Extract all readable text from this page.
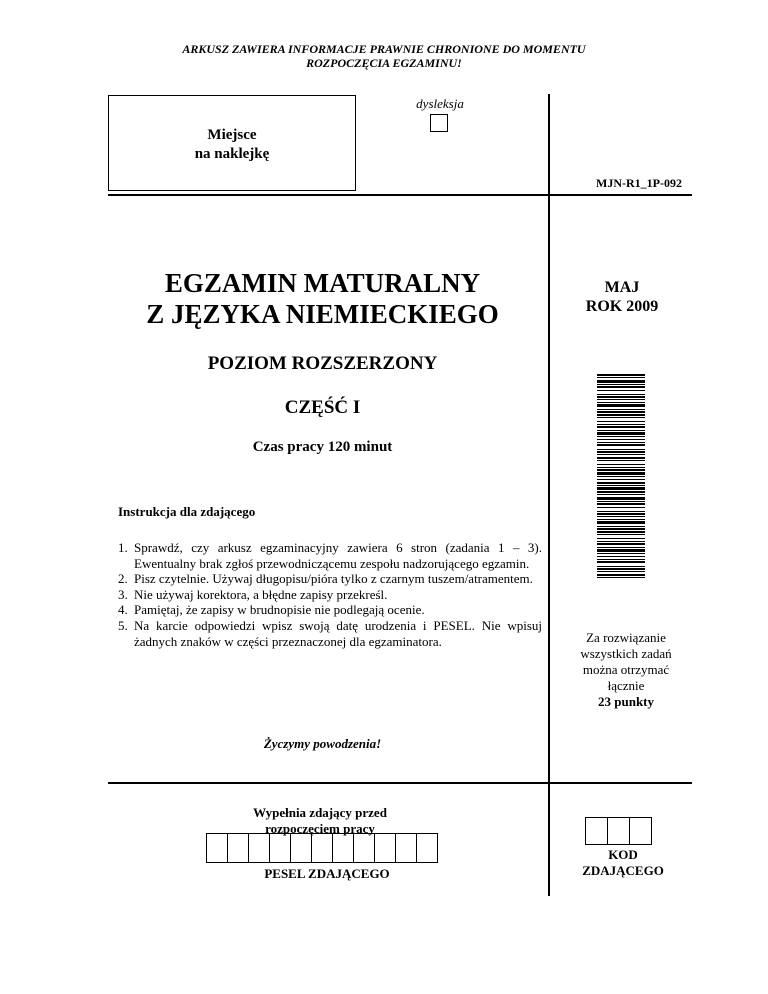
ARKUSZ ZAWIERA INFORMACJE PRAWNIE CHRONIONE DO MOMENTU
ROZPOCZĘCIA EGZAMINU!
Miejsce
na naklejkę
dysleksja
MJN-R1_1P-092
EGZAMIN MATURALNY
Z JĘZYKA NIEMIECKIEGO
MAJ
ROK 2009
POZIOM ROZSZERZONY
CZĘŚĆ I
Czas pracy 120 minut
Instrukcja dla zdającego
1. Sprawdź, czy arkusz egzaminacyjny zawiera 6 stron (zadania 1 – 3). Ewentualny brak zgłoś przewodniczącemu zespołu nadzorującego egzamin.
2. Pisz czytelnie. Używaj długopisu/pióra tylko z czarnym tuszem/atramentem.
3. Nie używaj korektora, a błędne zapisy przekreśl.
4. Pamiętaj, że zapisy w brudnopisie nie podlegają ocenie.
5. Na karcie odpowiedzi wpisz swoją datę urodzenia i PESEL. Nie wpisuj żadnych znaków w części przeznaczonej dla egzaminatora.	Za rozwiązanie
wszystkich zadań
można otrzymać
łącznie
23 punkty
Życzymy powodzenia!
Wypełnia zdający przed
rozpoczęciem pracy
PESEL ZDAJĄCEGO
KOD
ZDAJĄCEGO
